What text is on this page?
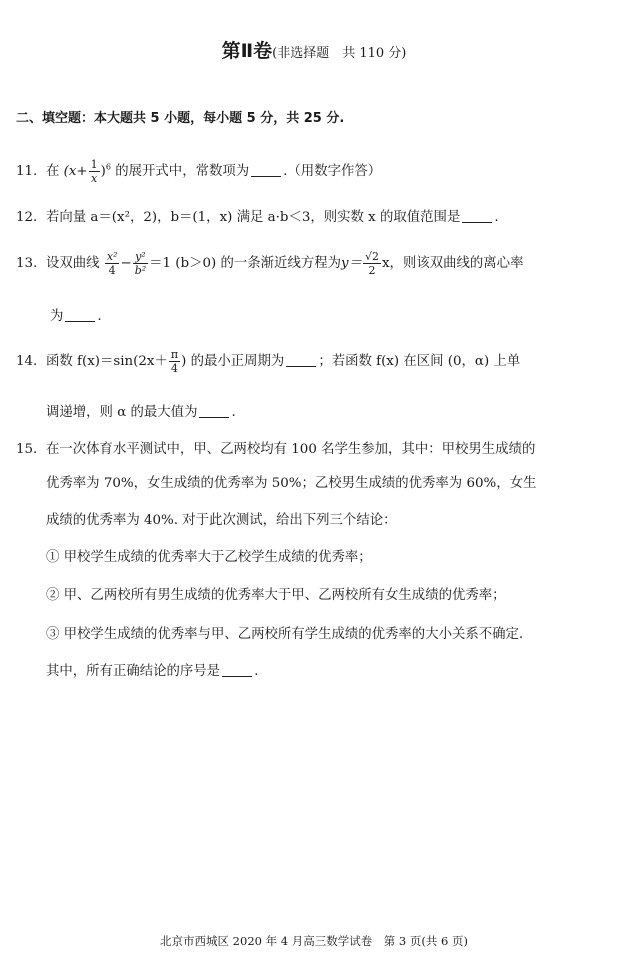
第Ⅱ卷(非选择题　共 110 分)
二、填空题：本大题共 5 小题，每小题 5 分，共 25 分.
11. 在 $(x+ \frac{1}{x} )^6$ 的展开式中，常数项为	.（用数字作答）
12. 若向量 a＝(x²，2)，b＝(1，x) 满足 a·b＜3，则实数 x 的取值范围是	.
13. 设双曲线 $\frac{\text{x²}}{4} - \frac{\text{y²}}{\text{b²}} =1$ (b＞0) 的一条渐近线方程为$y= \frac{√2}{2}$ x，则该双曲线的离心率
为	.
14. 函数 $f(x)=\sin(2x+ \frac{\pi}{4}$ ) 的最小正周期为	；若函数 f(x) 在区间 (0，α) 上单
调递增，则 α 的最大值为	.
15. 在一次体育水平测试中，甲、乙两校均有 100 名学生参加，其中：甲校男生成绩的
优秀率为 70%，女生成绩的优秀率为 50%；乙校男生成绩的优秀率为 60%，女生
成绩的优秀率为 40%. 对于此次测试，给出下列三个结论：
① 甲校学生成绩的优秀率大于乙校学生成绩的优秀率；
② 甲、乙两校所有男生成绩的优秀率大于甲、乙两校所有女生成绩的优秀率；
③ 甲校学生成绩的优秀率与甲、乙两校所有学生成绩的优秀率的大小关系不确定.
其中，所有正确结论的序号是	.
北京市西城区 2020 年 4 月高三数学试卷　第 3 页(共 6 页)
